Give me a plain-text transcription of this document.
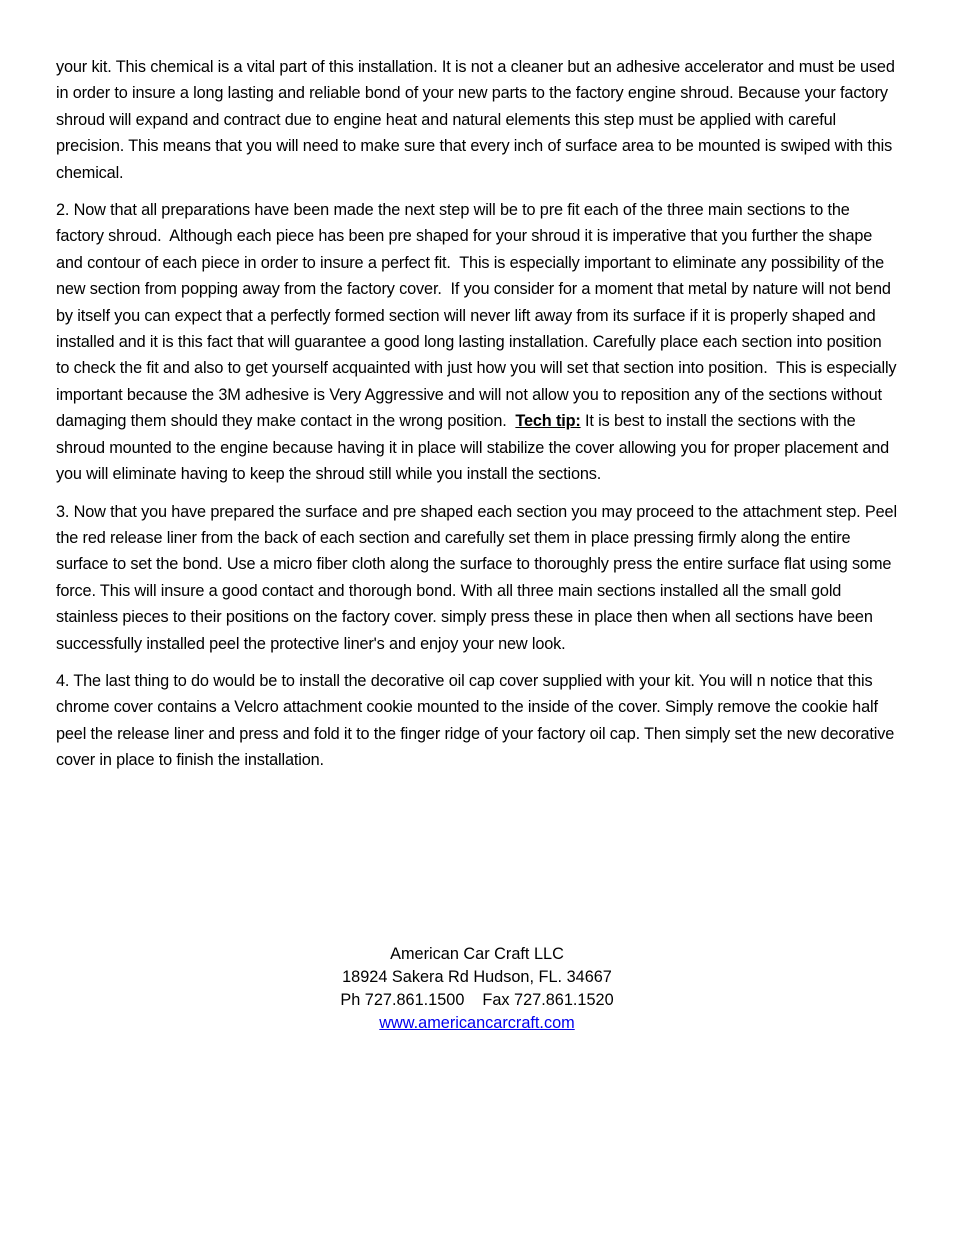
your kit. This chemical is a vital part of this installation. It is not a cleaner but an adhesive accelerator and must be used in order to insure a long lasting and reliable bond of your new parts to the factory engine shroud. Because your factory shroud will expand and contract due to engine heat and natural elements this step must be applied with careful precision. This means that you will need to make sure that every inch of surface area to be mounted is swiped with this chemical.

2. Now that all preparations have been made the next step will be to pre fit each of the three main sections to the factory shroud.  Although each piece has been pre shaped for your shroud it is imperative that you further the shape and contour of each piece in order to insure a perfect fit.  This is especially important to eliminate any possibility of the new section from popping away from the factory cover.  If you consider for a moment that metal by nature will not bend by itself you can expect that a perfectly formed section will never lift away from its surface if it is properly shaped and installed and it is this fact that will guarantee a good long lasting installation. Carefully place each section into position to check the fit and also to get yourself acquainted with just how you will set that section into position.  This is especially important because the 3M adhesive is Very Aggressive and will not allow you to reposition any of the sections without damaging them should they make contact in the wrong position.  Tech tip: It is best to install the sections with the shroud mounted to the engine because having it in place will stabilize the cover allowing you for proper placement and you will eliminate having to keep the shroud still while you install the sections.

3. Now that you have prepared the surface and pre shaped each section you may proceed to the attachment step. Peel the red release liner from the back of each section and carefully set them in place pressing firmly along the entire surface to set the bond. Use a micro fiber cloth along the surface to thoroughly press the entire surface flat using some force. This will insure a good contact and thorough bond. With all three main sections installed all the small gold stainless pieces to their positions on the factory cover. simply press these in place then when all sections have been successfully installed peel the protective liner's and enjoy your new look.

4. The last thing to do would be to install the decorative oil cap cover supplied with your kit. You will n notice that this chrome cover contains a Velcro attachment cookie mounted to the inside of the cover. Simply remove the cookie half peel the release liner and press and fold it to the finger ridge of your factory oil cap. Then simply set the new decorative cover in place to finish the installation.

American Car Craft LLC
18924 Sakera Rd Hudson, FL. 34667
Ph 727.861.1500 Fax 727.861.1520
www.americancarcraft.com
